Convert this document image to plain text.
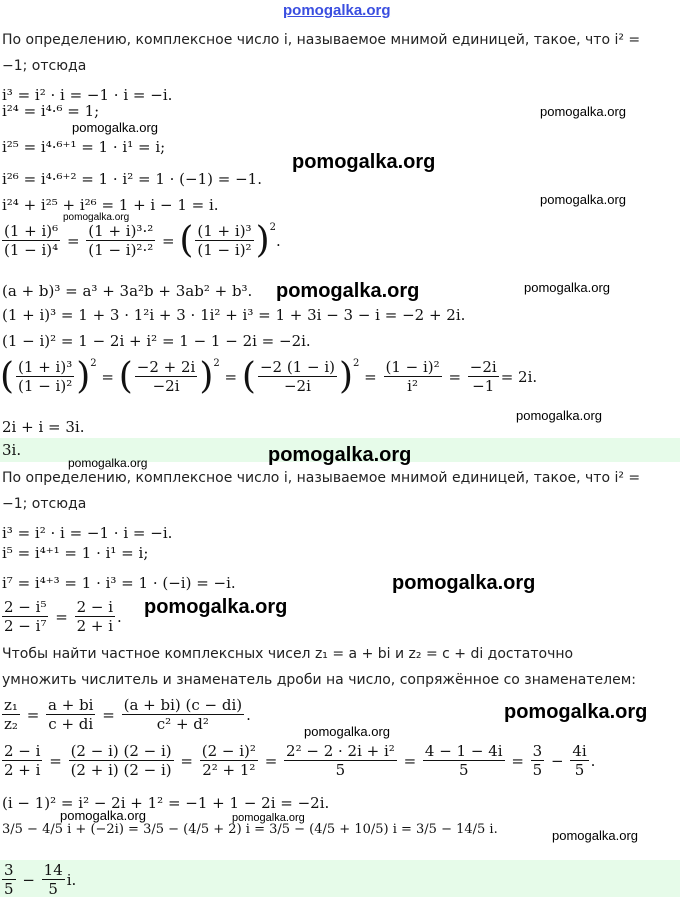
pomogalka.org
По определению, комплексное число i, называемое мнимой единицей, такое, что i² =
−1; отсюда
i³ = i² · i = −1 · i = −i.
i²⁴ = i⁴·⁶ = 1;
i²⁵ = i⁴·⁶⁺¹ = 1 · i¹ = i;
i²⁶ = i⁴·⁶⁺² = 1 · i² = 1 · (−1) = −1.
i²⁴ + i²⁵ + i²⁶ = 1 + i − 1 = i.
$\frac{\text{(1 + i)⁶}}{\text{(1 − i)⁴}} = \frac{\text{(1 + i)³·²}}{\text{(1 − i)²·²}}$ = ( $\frac{\text{(1 + i)³}}{\text{(1 − i)²}} )^2$
.
(a + b)³ = a³ + 3a²b + 3ab² + b³.
(1 + i)³ = 1 + 3 · 1²i + 3 · 1i² + i³ = 1 + 3i − 3 − i = −2 + 2i.
(1 − i)² = 1 − 2i + i² = 1 − 1 − 2i = −2i.
( $\frac{\text{(1 + i)³}}{\text{(1 − i)²}} )^2$
= ( $\frac{-2 + 2i}{-2i} )^2$
= ( $\frac{-2 (1 - i)}{-2i} )^2$
= $\frac{\text{(1 − i)²}}{\text{i²}} = \frac{-2i}{-1} = 2i$.
2i + i = 3i.
3i.
По определению, комплексное число i, называемое мнимой единицей, такое, что i² =
−1; отсюда
i³ = i² · i = −1 · i = −i.
i⁵ = i⁴⁺¹ = 1 · i¹ = i;
i⁷ = i⁴⁺³ = 1 · i³ = 1 · (−i) = −i.
$\frac{\text{2 − i⁵}}{\text{2 − i⁷}} = \frac{2 - i}{2 + i}$ .
Чтобы найти частное комплексных чисел z₁ = a + bi и z₂ = c + di достаточно
умножить числитель и знаменатель дроби на число, сопряжённое со знаменателем:
$\frac{\text{z₁}}{\text{z₂}} = \frac{a + bi}{c + di} = \frac{(a + bi) (c - di)}{\text{c² + d²}}$ .
$\frac{2 - i}{2 + i} = \frac{(2 - i) (2 - i)}{(2 + i) (2 - i)} = \frac{\text{(2 − i)²}}{\text{2² + 1²}} = \frac{\text{2² − 2 · 2i + i²}}{5} = \frac{4 - 1 - 4i}{5} = \frac{3}{5} - \frac{4i}{5}$ .
(i − 1)² = i² − 2i + 1² = −1 + 1 − 2i = −2i.
3/5 − 4/5 i + (−2i) = 3/5 − (4/5 + 2) i = 3/5 − (4/5 + 10/5) i = 3/5 − 14/5 i.
$\frac{3}{5} - \frac{14}{5} i$.
pomogalka.org
pomogalka.org
pomogalka.org
pomogalka.org
pomogalka.org
pomogalka.org	pomogalka.org
pomogalka.org
pomogalka.org
pomogalka.org
pomogalka.org
pomogalka.org
pomogalka.org
pomogalka.org
pomogalka.org	pomogalka.org
pomogalka.org
